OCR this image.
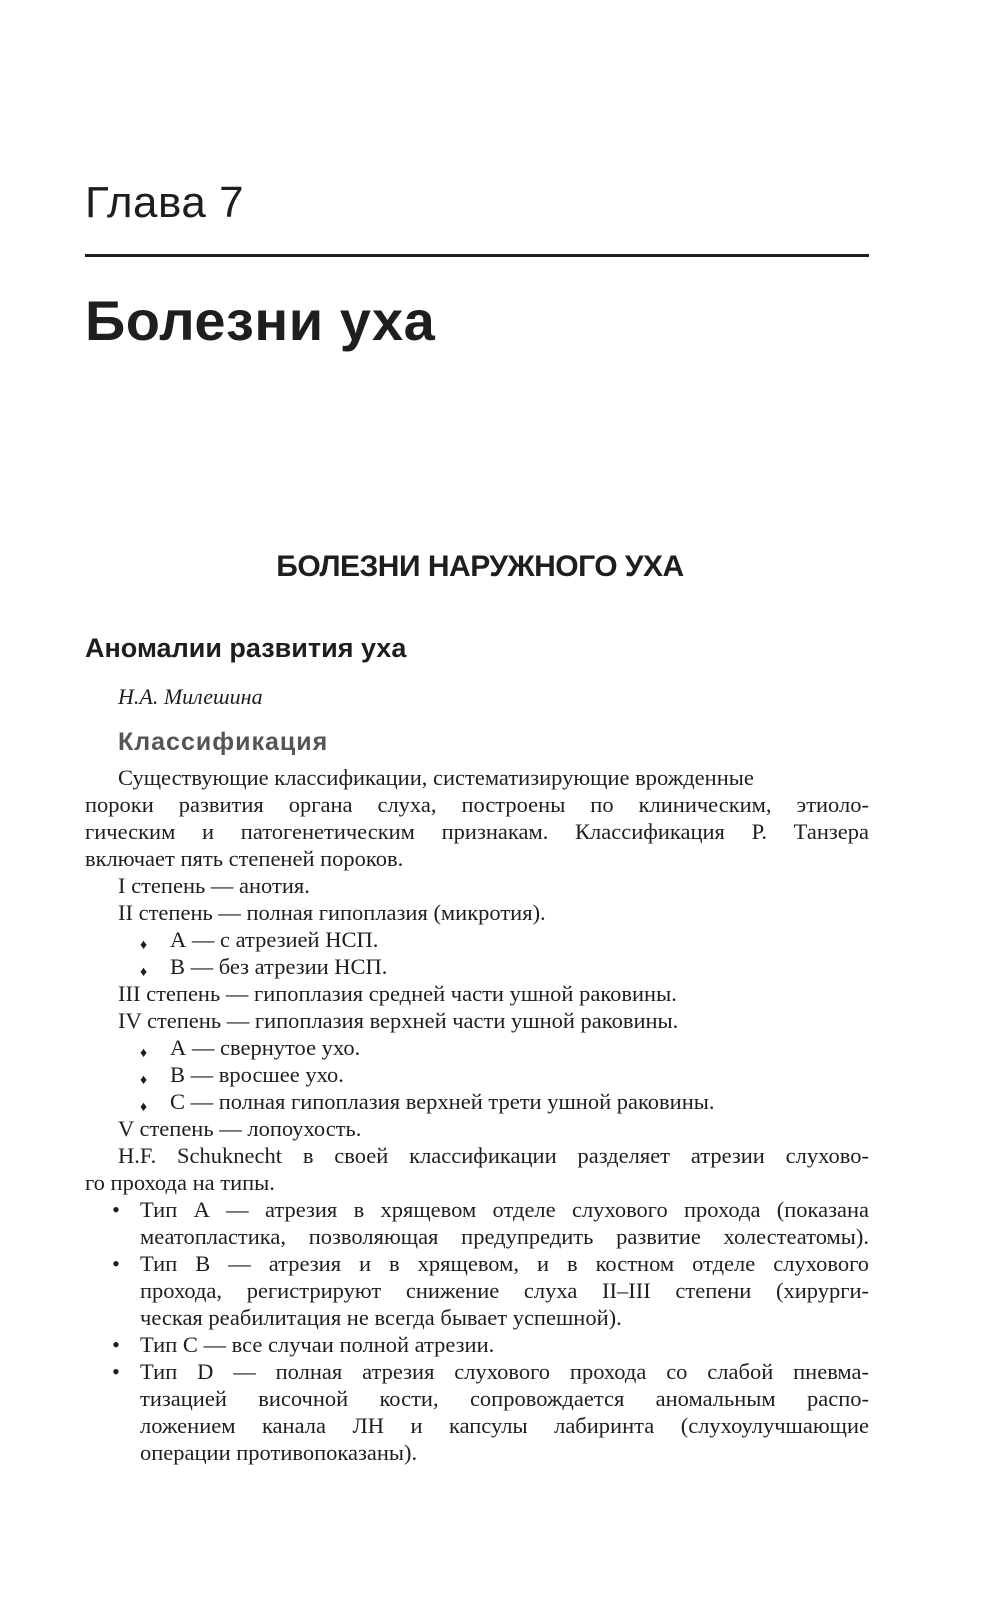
Глава 7
Болезни уха
БОЛЕЗНИ НАРУЖНОГО УХА
Аномалии развития уха
Н.А. Милешина
Классификация
Существующие классификации, систематизирующие врожденные
пороки развития органа слуха, построены по клиническим, этиоло-
гическим и патогенетическим признакам. Классификация Р. Танзера
включает пять степеней пороков.
I степень — анотия.
II степень — полная гипоплазия (микротия).
♦ А — с атрезией НСП.
♦ В — без атрезии НСП.
III степень — гипоплазия средней части ушной раковины.
IV степень — гипоплазия верхней части ушной раковины.
♦ А — свернутое ухо.
♦ В — вросшее ухо.
♦ С — полная гипоплазия верхней трети ушной раковины.
V степень — лопоухость.
H.F. Schuknecht в своей классификации разделяет атрезии слухово-
го прохода на типы.
• Тип А — атрезия в хрящевом отделе слухового прохода (показана
меатопластика, позволяющая предупредить развитие холестеатомы).
• Тип В — атрезия и в хрящевом, и в костном отделе слухового
прохода, регистрируют снижение слуха II–III степени (хирурги-
ческая реабилитация не всегда бывает успешной).
• Тип С — все случаи полной атрезии.
• Тип D — полная атрезия слухового прохода со слабой пневма-
тизацией височной кости, сопровождается аномальным распо-
ложением канала ЛН и капсулы лабиринта (слухоулучшающие
операции противопоказаны).
